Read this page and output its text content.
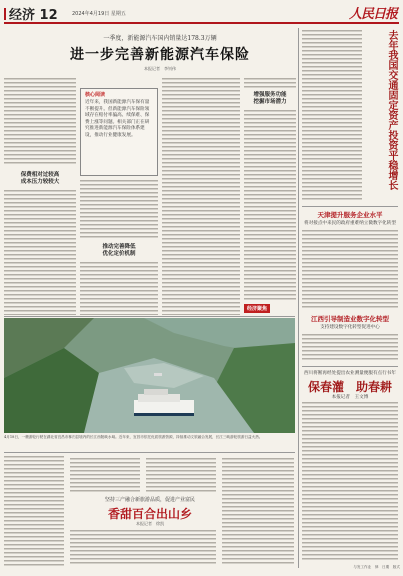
经济 12	2024年4月19日 星期五	人民日报
一季度，新能源汽车国内销量达178.3万辆
进一步完善新能源汽车保险
本报记者　李钊伟
保费相对过较高
成本压力较较大
核心阅读
近年来，我国新能源汽车保有量不断提升。但新能源汽车保险领域存在赔付率偏高、续保难、保费上涨等问题。相关部门正在研究推进新能源汽车保险体系建设，推动行业健康发展。
推动完善降低
优化定价机制
增强服务功能
挖掘市场潜力
经济聚焦
4月18日，一艘游轮行驶在湖北省宜昌市秭归县境内的长江西陵峡水域。近年来，宜昌市依托优质旅游资源，持续推动文旅融合发展，长江三峡游轮旅游日益火热。
坚持三产融合新旅游品质，促进产业富民
香甜百合出山乡
本报记者　徐凯
去年我国交通固定资产投资平稳增长
天津提升服务企业水平
将对接点中来民的政府重难纳立微数字化转型
江西引导制造业数字化转型
支持建设数字化转型促进中心
西川将断再经处提出农业测量便服有点行书年
保春灌　助春耕
本报记者　王文博
与发工作业　律　日期　版式
